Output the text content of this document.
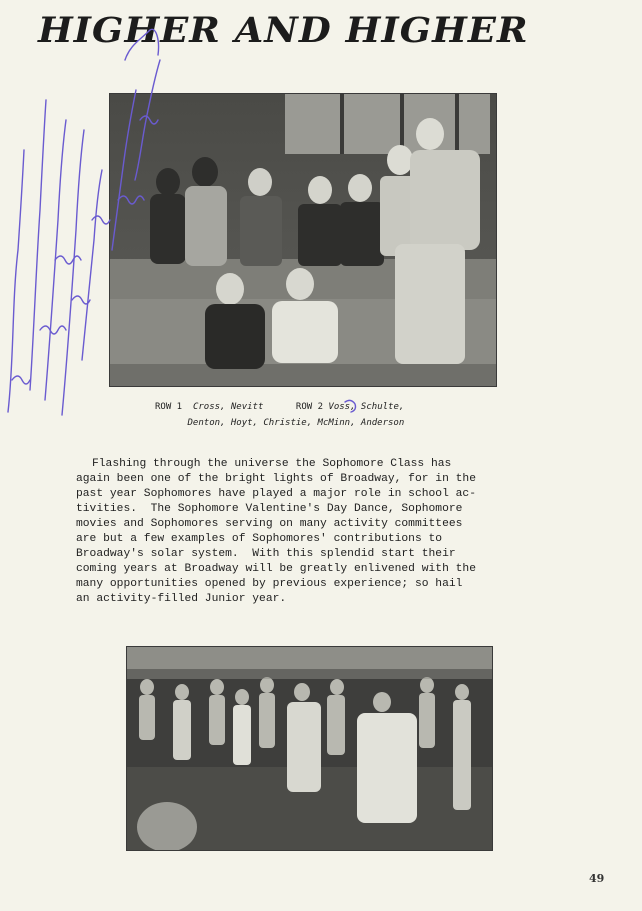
HIGHER AND HIGHER
ROW 1 Cross, Nevitt	ROW 2 Voss, Schulte,
Denton, Hoyt, Christie, McMinn, Anderson

Flashing through the universe the Sophomore Class has

again been one of the bright lights of Broadway, for in the

past year Sophomores have played a major role in school ac-

tivities.  The Sophomore Valentine's Day Dance, Sophomore

movies and Sophomores serving on many activity committees

are but a few examples of Sophomores' contributions to

Broadway's solar system.  With this splendid start their

coming years at Broadway will be greatly enlivened with the

many opportunities opened by previous experience; so hail

an activity-filled Junior year.

49
